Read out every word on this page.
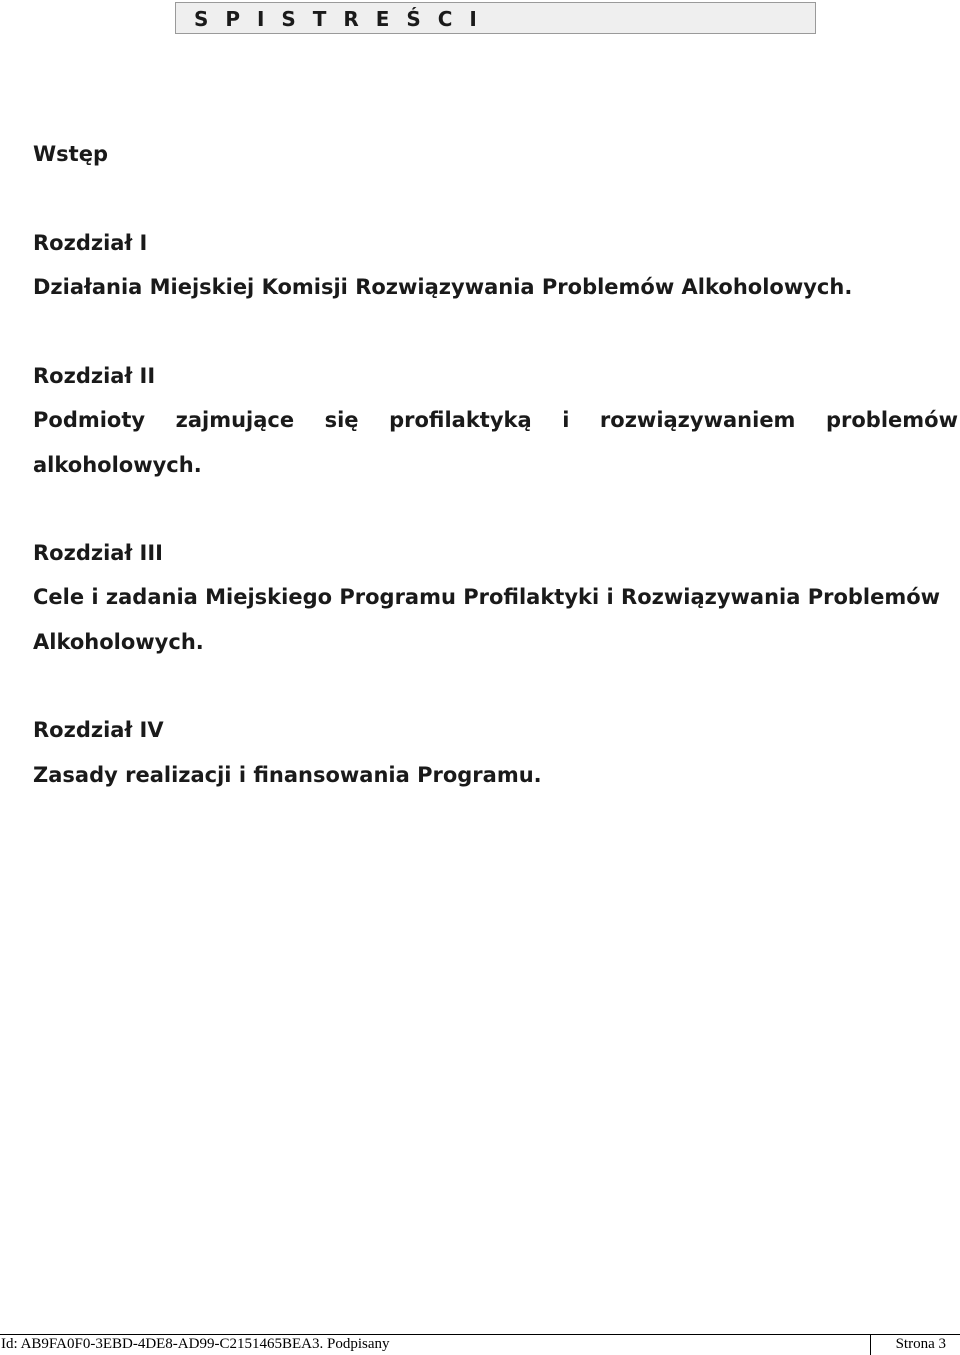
S P I S T R E Ś C I
Wstęp
Rozdział I
Działania Miejskiej Komisji Rozwiązywania Problemów Alkoholowych.
Rozdział II
Podmioty zajmujące się profilaktyką i rozwiązywaniem problemów
alkoholowych.
Rozdział III
Cele i zadania Miejskiego Programu Profilaktyki i Rozwiązywania Problemów
Alkoholowych.
Rozdział IV
Zasady realizacji i finansowania Programu.
Id: AB9FA0F0-3EBD-4DE8-AD99-C2151465BEA3. Podpisany	Strona 3
